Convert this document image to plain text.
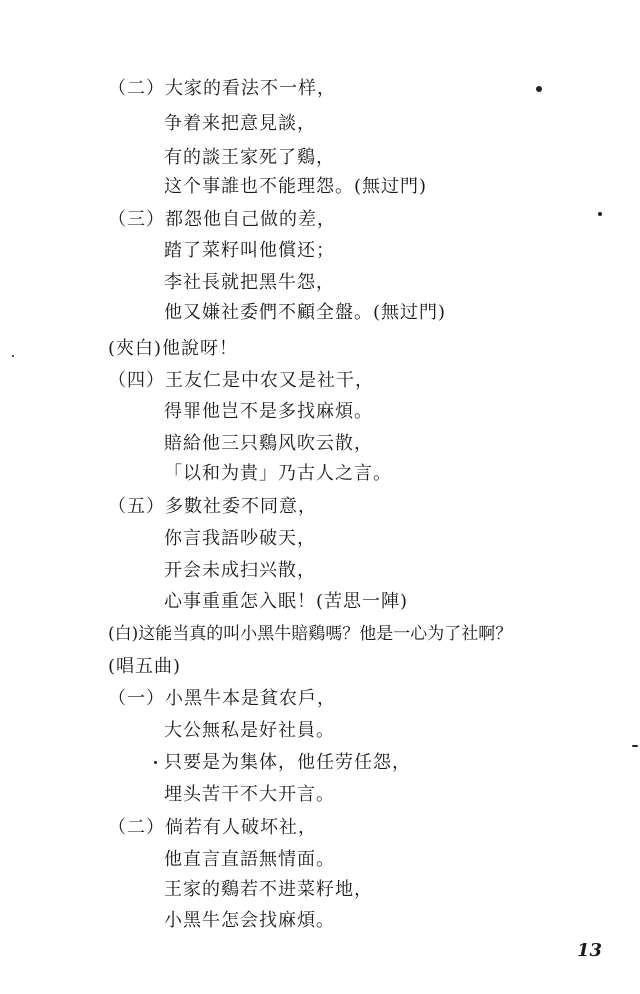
（二）大家的看法不一样，
争着来把意見談，
有的談王家死了鷄，
这个事誰也不能理怨。(無过門)
（三）都怨他自己做的差，
踏了菜籽叫他償还；
李社長就把黑牛怨，
他又嫌社委們不顧全盤。(無过門)
(夾白)他說呀！
（四）王友仁是中农又是社干，
得罪他岂不是多找麻煩。
賠給他三只鷄风吹云散，
「以和为貴」乃古人之言。
（五）多數社委不同意，
你言我語吵破天，
开会未成扫兴散，
心事重重怎入眠！(苦思一陣)
(白)这能当真的叫小黑牛賠鷄嗎？他是一心为了社啊？
(唱五曲)
（一）小黑牛本是貧农戶，
大公無私是好社員。
只要是为集体，他任劳任怨，
埋头苦干不大开言。
（二）倘若有人破坏社，
他直言直語無情面。
王家的鷄若不进菜籽地，
小黑牛怎会找麻煩。
13
